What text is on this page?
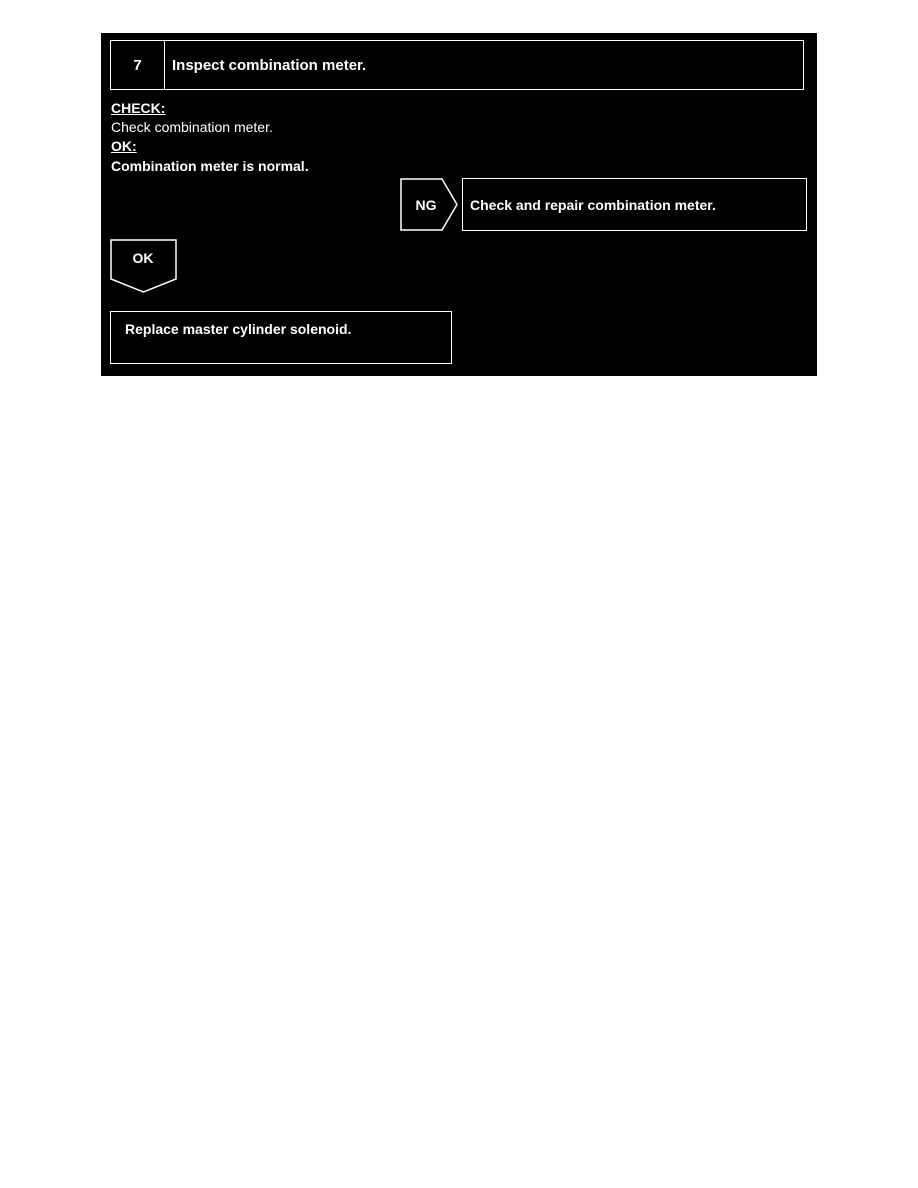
7	Inspect combination meter.
CHECK:
Check combination meter.
OK:
Combination meter is normal.
NG	Check and repair combination meter.
OK
Replace master cylinder solenoid.
